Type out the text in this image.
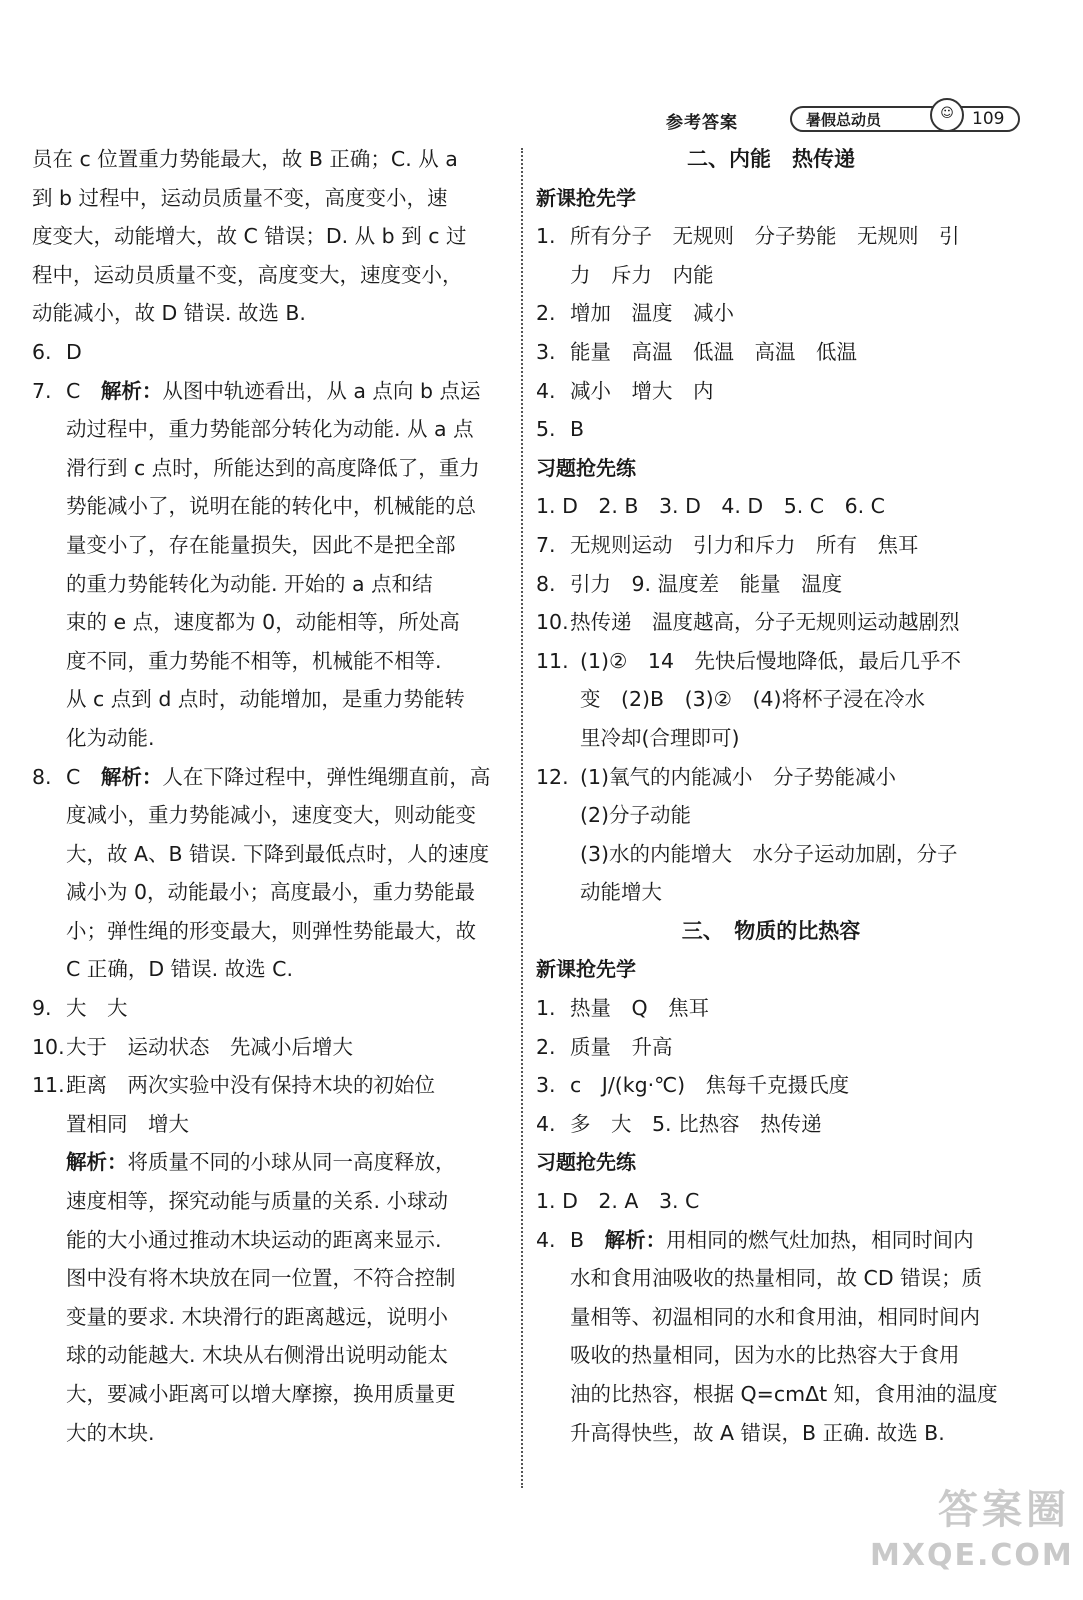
参考答案	暑假总动员	☺	109
员在 c 位置重力势能最大，故 B 正确；C. 从 a
到 b 过程中，运动员质量不变，高度变小，速
度变大，动能增大，故 C 错误；D. 从 b 到 c 过
程中，运动员质量不变，高度变大，速度变小，
动能减小，故 D 错误. 故选 B.
6. D
7. C　 解析：从图中轨迹看出，从 a 点向 b 点运
动过程中，重力势能部分转化为动能. 从 a 点
滑行到 c 点时，所能达到的高度降低了，重力
势能减小了，说明在能的转化中，机械能的总
量变小了，存在能量损失，因此不是把全部
的重力势能转化为动能. 开始的 a 点和结
束的 e 点，速度都为 0，动能相等，所处高
度不同，重力势能不相等，机械能不相等.
从 c 点到 d 点时，动能增加，是重力势能转
化为动能.
8. C　 解析：人在下降过程中，弹性绳绷直前，高
度减小，重力势能减小，速度变大，则动能变
大，故 A、B 错误. 下降到最低点时，人的速度
减小为 0，动能最小；高度最小，重力势能最
小；弹性绳的形变最大，则弹性势能最大，故
C 正确，D 错误. 故选 C.
9. 大　大
10.大于　运动状态　先减小后增大
11.距离　两次实验中没有保持木块的初始位
置相同　增大
解析：将质量不同的小球从同一高度释放，
速度相等，探究动能与质量的关系. 小球动
能的大小通过推动木块运动的距离来显示.
图中没有将木块放在同一位置，不符合控制
变量的要求. 木块滑行的距离越远，说明小
球的动能越大. 木块从右侧滑出说明动能太
大，要减小距离可以增大摩擦，换用质量更
大的木块.
二、内能　热传递
新课抢先学
1. 所有分子　无规则　分子势能　无规则　引
力　斥力　内能
2. 增加　温度　减小
3. 能量　高温　低温　高温　低温
4. 减小　增大　内
5. B
习题抢先练
1. D　2. B　3. D　4. D　5. C　6. C
7. 无规则运动　引力和斥力　所有　焦耳
8. 引力　9. 温度差　能量　温度
10.热传递　温度越高，分子无规则运动越剧烈
11. (1)②　14　先快后慢地降低，最后几乎不
变　(2)B　(3)②　(4)将杯子浸在冷水
里冷却(合理即可)
12. (1)氧气的内能减小　分子势能减小
(2)分子动能
(3)水的内能增大　水分子运动加剧，分子
动能增大
三、　物质的比热容
新课抢先学
1. 热量　Q　焦耳
2. 质量　升高
3. c　J/(kg·℃)　焦每千克摄氏度
4. 多　大　5. 比热容　热传递
习题抢先练
1. D　2. A　3. C
4. B　 解析：用相同的燃气灶加热，相同时间内
水和食用油吸收的热量相同，故 CD 错误；质
量相等、初温相同的水和食用油，相同时间内
吸收的热量相同，因为水的比热容大于食用
油的比热容，根据 Q=cmΔt 知，食用油的温度
升高得快些，故 A 错误，B 正确. 故选 B.
答案圈
MXQE.COM
